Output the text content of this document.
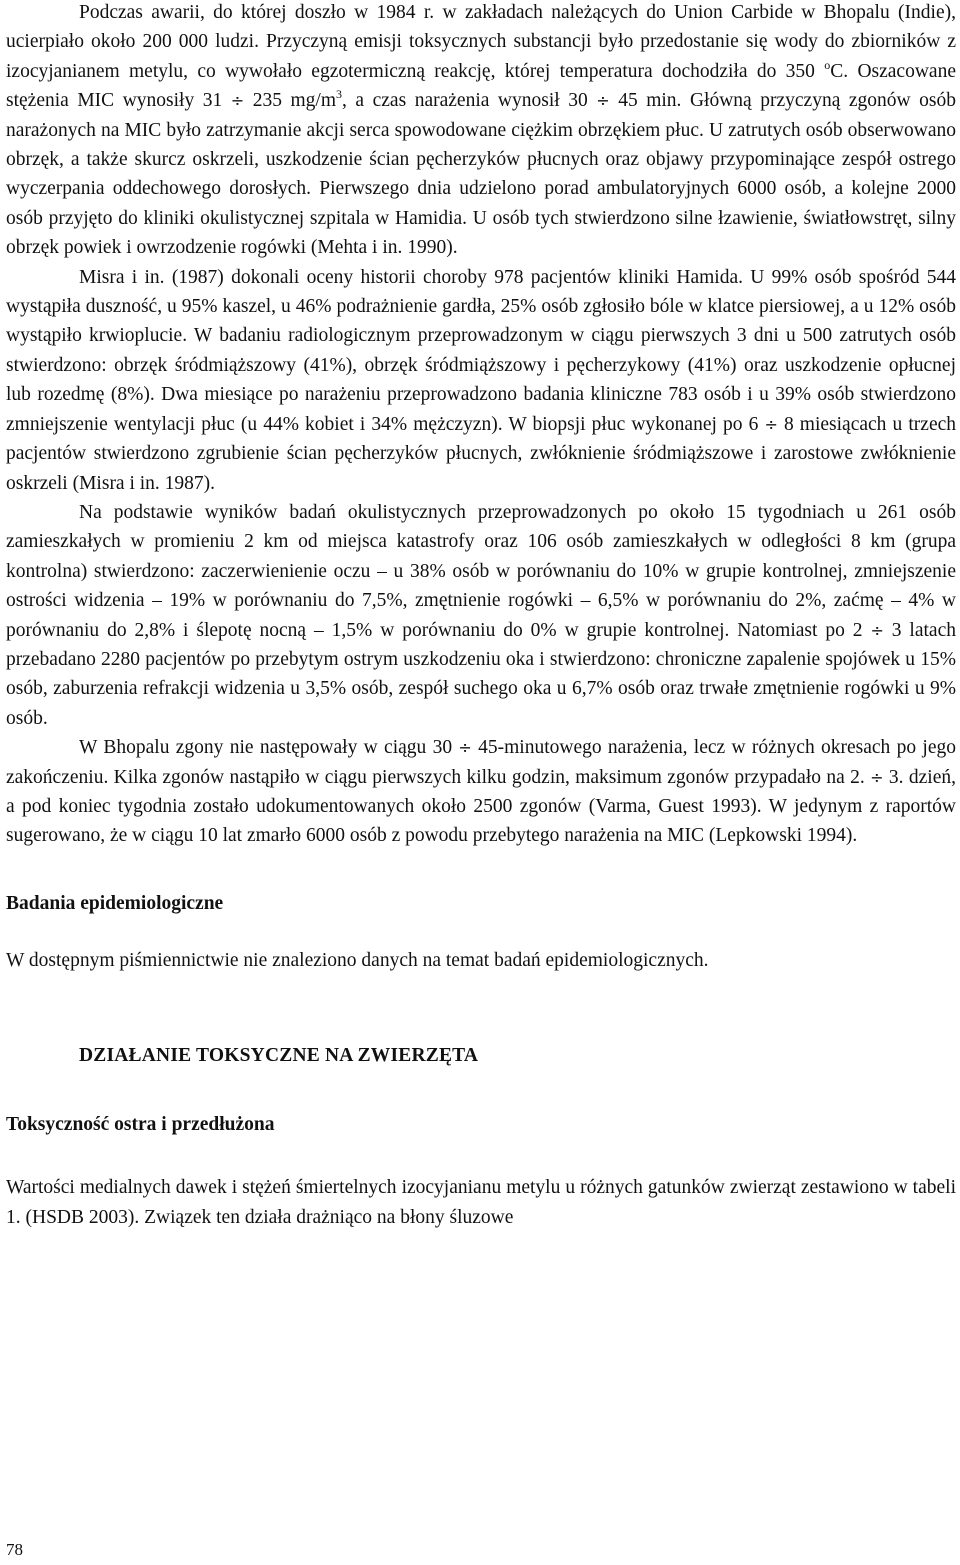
Podczas awarii, do której doszło w 1984 r. w zakładach należących do Union Carbide w Bhopalu (Indie), ucierpiało około 200 000 ludzi. Przyczyną emisji toksycznych substancji było przedostanie się wody do zbiorników z izocyjanianem metylu, co wywołało egzotermiczną reakcję, której temperatura dochodziła do 350 $^o$C. Oszacowane stężenia MIC wynosiły 31 ÷ 235 $mg/m^3$, a czas narażenia wynosił 30 ÷ 45 min. Główną przyczyną zgonów osób narażonych na MIC było zatrzymanie akcji serca spowodowane ciężkim obrzękiem płuc. U zatrutych osób obserwowano obrzęk, a także skurcz oskrzeli, uszkodzenie ścian pęcherzyków płucnych oraz objawy przypominające zespół ostrego wyczerpania oddechowego dorosłych. Pierwszego dnia udzielono porad ambulatoryjnych 6000 osób, a kolejne 2000 osób przyjęto do kliniki okulistycznej szpitala w Hamidia. U osób tych stwierdzono silne łzawienie, światłowstręt, silny obrzęk powiek i owrzodzenie rogówki (Mehta i in. 1990).

Misra i in. (1987) dokonali oceny historii choroby 978 pacjentów kliniki Hamida. U 99% osób spośród 544 wystąpiła duszność, u 95% kaszel, u 46% podrażnienie gardła, 25% osób zgłosiło bóle w klatce piersiowej, a u 12% osób wystąpiło krwioplucie. W badaniu radiologicznym przeprowadzonym w ciągu pierwszych 3 dni u 500 zatrutych osób stwierdzono: obrzęk śródmiąższowy (41%), obrzęk śródmiąższowy i pęcherzykowy (41%) oraz uszkodzenie opłucnej lub rozedmę (8%). Dwa miesiące po narażeniu przeprowadzono badania kliniczne 783 osób i u 39% osób stwierdzono zmniejszenie wentylacji płuc (u 44% kobiet i 34% mężczyzn). W biopsji płuc wykonanej po 6 ÷ 8 miesiącach u trzech pacjentów stwierdzono zgrubienie ścian pęcherzyków płucnych, zwłóknienie śródmiąższowe i zarostowe zwłóknienie oskrzeli (Misra i in. 1987).

Na podstawie wyników badań okulistycznych przeprowadzonych po około 15 tygodniach u 261 osób zamieszkałych w promieniu 2 km od miejsca katastrofy oraz 106 osób zamieszkałych w odległości 8 km (grupa kontrolna) stwierdzono: zaczerwienienie oczu – u 38% osób w porównaniu do 10% w grupie kontrolnej, zmniejszenie ostrości widzenia – 19% w porównaniu do 7,5%, zmętnienie rogówki – 6,5% w porównaniu do 2%, zaćmę – 4% w porównaniu do 2,8% i ślepotę nocną – 1,5% w porównaniu do 0% w grupie kontrolnej. Natomiast po 2 ÷ 3 latach przebadano 2280 pacjentów po przebytym ostrym uszkodzeniu oka i stwierdzono: chroniczne zapalenie spojówek u 15% osób, zaburzenia refrakcji widzenia u 3,5% osób, zespół suchego oka u 6,7% osób oraz trwałe zmętnienie rogówki u 9% osób.

W Bhopalu zgony nie następowały w ciągu 30 ÷ 45-minutowego narażenia, lecz w różnych okresach po jego zakończeniu. Kilka zgonów nastąpiło w ciągu pierwszych kilku godzin, maksimum zgonów przypadało na 2. ÷ 3. dzień, a pod koniec tygodnia zostało udokumentowanych około 2500 zgonów (Varma, Guest 1993). W jedynym z raportów sugerowano, że w ciągu 10 lat zmarło 6000 osób z powodu przebytego narażenia na MIC (Lepkowski 1994).

Badania epidemiologiczne

W dostępnym piśmiennictwie nie znaleziono danych na temat badań epidemiologicznych.

DZIAŁANIE TOKSYCZNE NA ZWIERZĘTA
Toksyczność ostra i przedłużona

Wartości medialnych dawek i stężeń śmiertelnych izocyjanianu metylu u różnych gatunków zwierząt zestawiono w tabeli 1. (HSDB 2003). Związek ten działa drażniąco na błony śluzowe

78
